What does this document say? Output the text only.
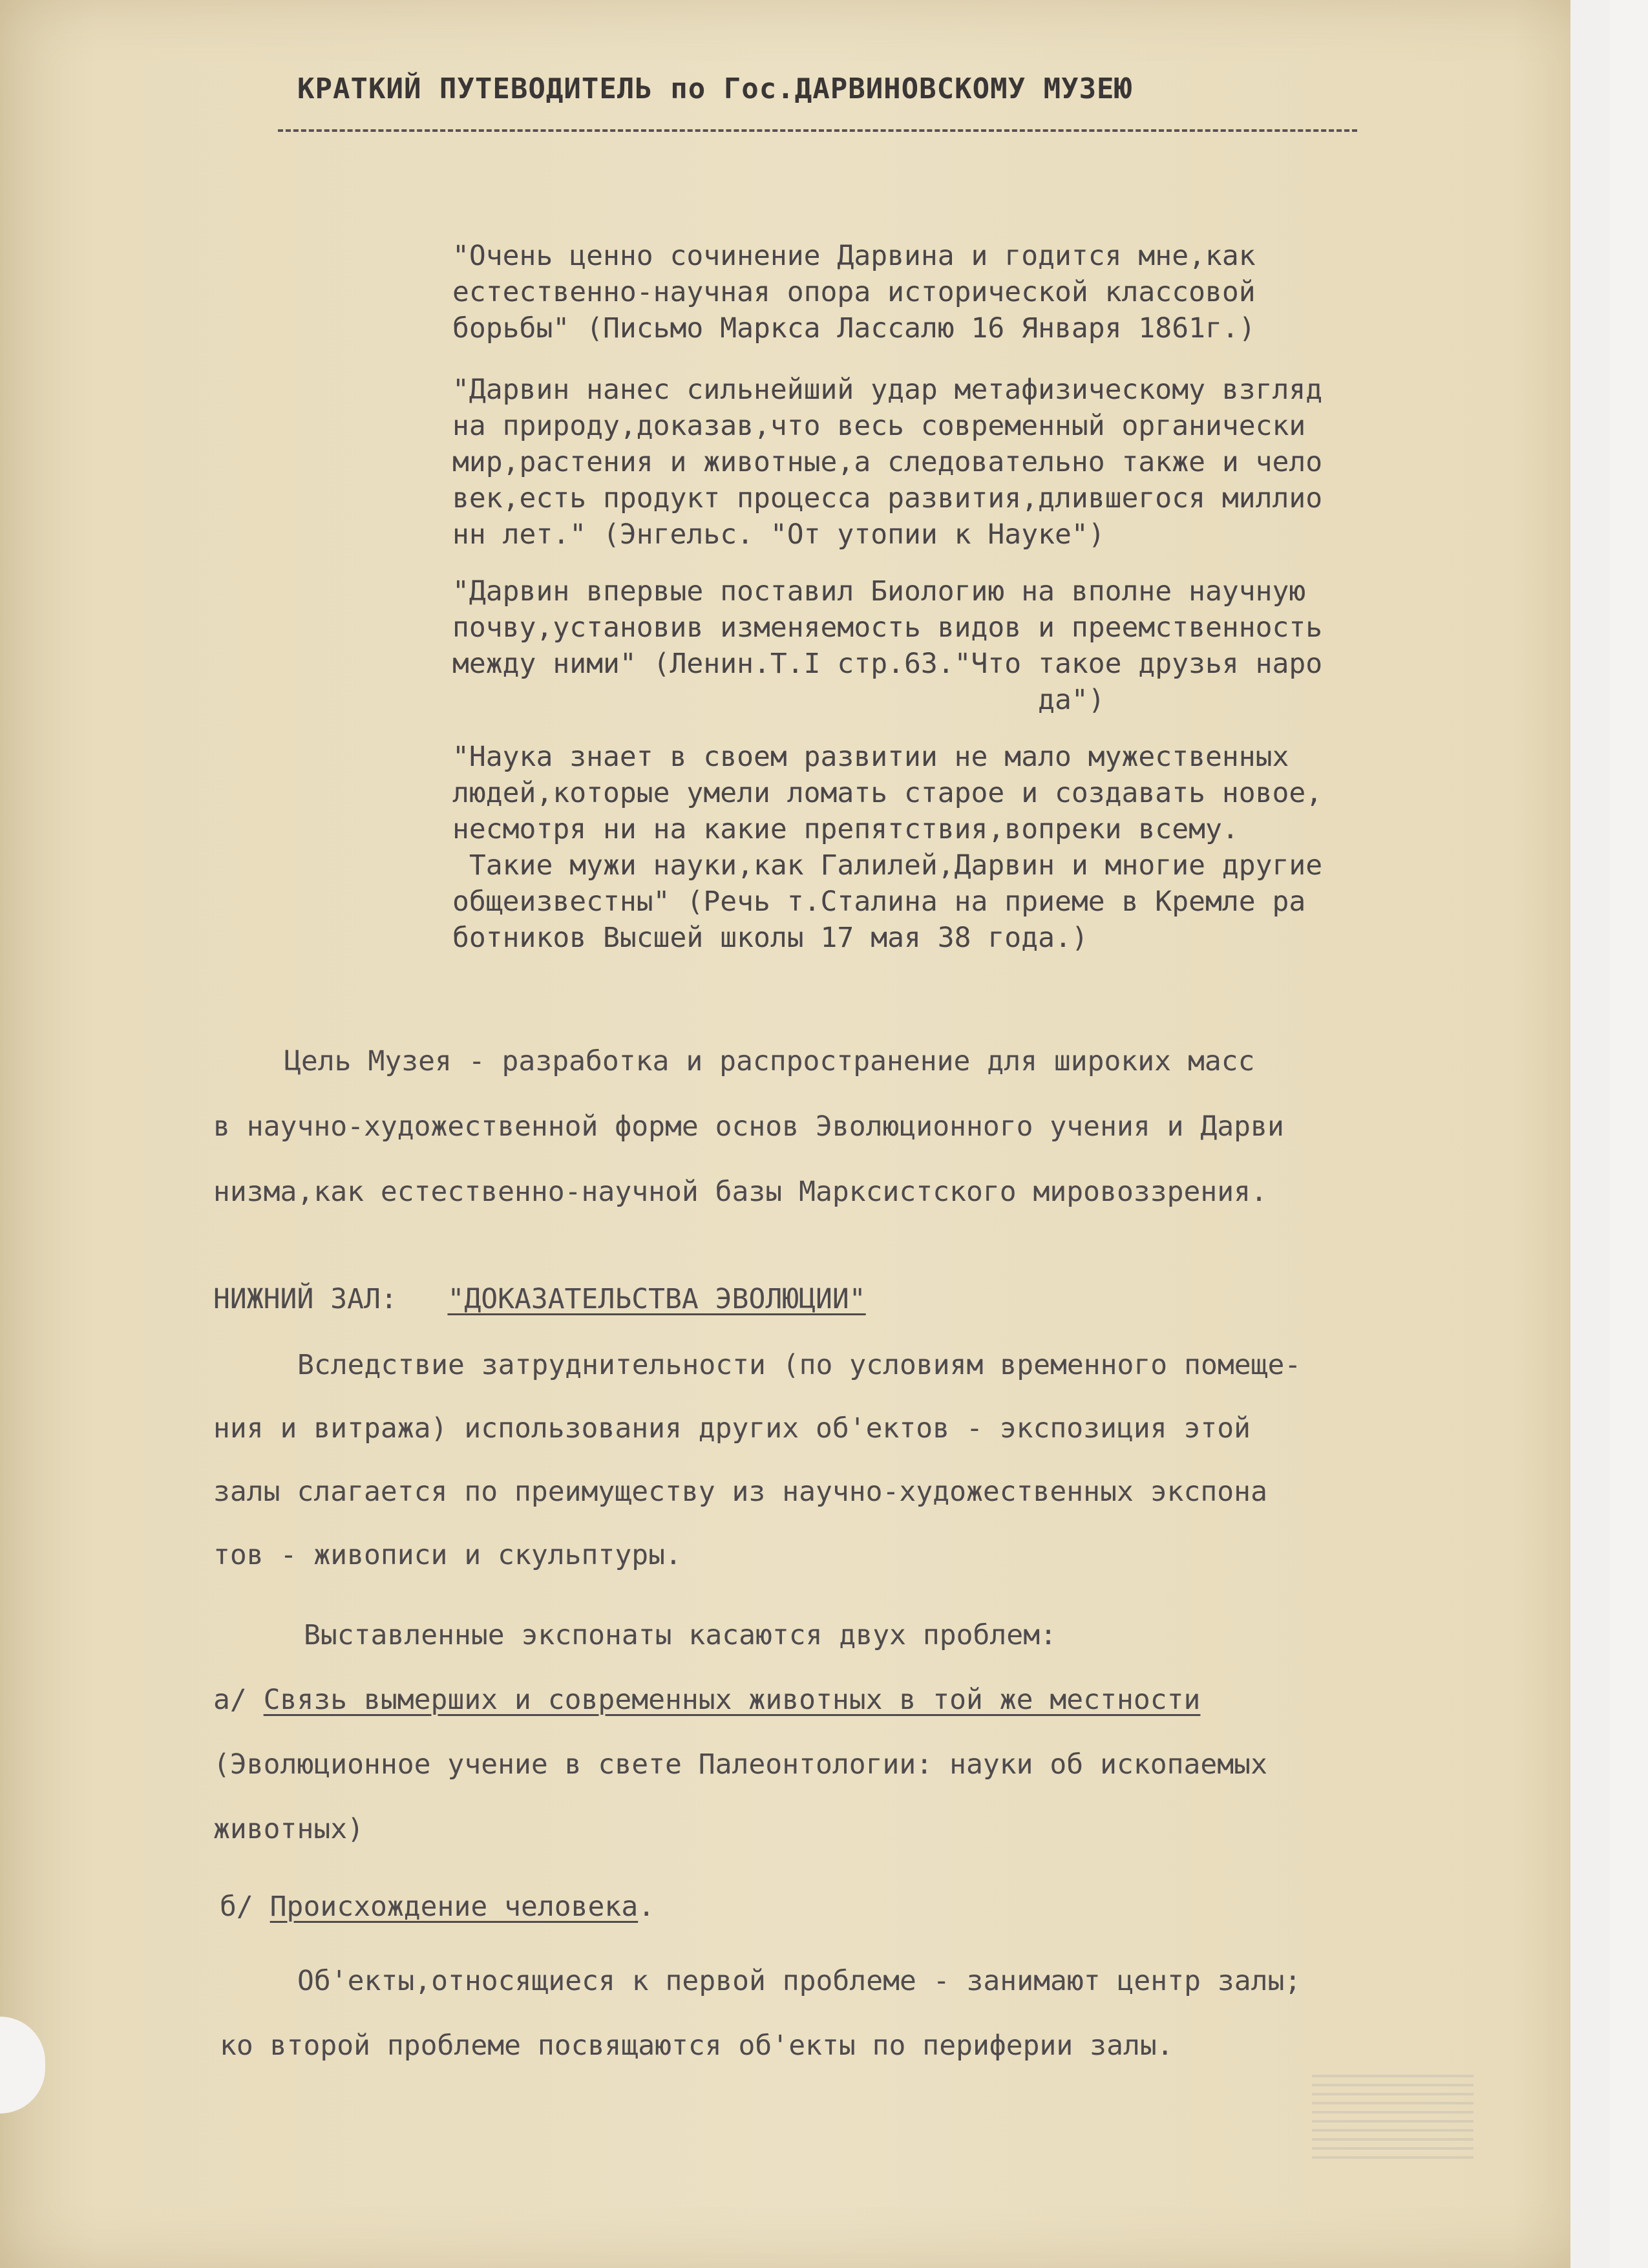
КРАТКИЙ ПУТЕВОДИТЕЛЬ по Гос.ДАРВИНОВСКОМУ МУЗЕЮ
"Очень ценно сочинение Дарвина и годится мне,как
естественно-научная опора исторической классовой
борьбы" (Письмо Маркса Лассалю 16 Января 1861г.)
"Дарвин нанес сильнейший удар метафизическому взгляд
на природу,доказав,что весь современный органически
мир,растения и животные,а следовательно также и чело
век,есть продукт процесса развития,длившегося миллио
нн лет." (Энгельс. "От утопии к Науке")
"Дарвин впервые поставил Биологию на вполне научную
почву,установив изменяемость видов и преемственность
между ними" (Ленин.Т.I стр.63."Что такое друзья наро
да")
"Наука знает в своем развитии не мало мужественных
людей,которые умели ломать старое и создавать новое,
несмотря ни на какие препятствия,вопреки всему.
Такие мужи науки,как Галилей,Дарвин и многие другие
общеизвестны" (Речь т.Сталина на приеме в Кремле ра
ботников Высшей школы 17 мая 38 года.)
Цель Музея - разработка и распространение для широких масс
в научно-художественной форме основ Эволюционного учения и Дарви
низма,как естественно-научной базы Марксистского мировоззрения.
НИЖНИЙ ЗАЛ: "ДОКАЗАТЕЛЬСТВА ЭВОЛЮЦИИ"
Вследствие затруднительности (по условиям временного помеще-
ния и витража) использования других об'ектов - экспозиция этой
залы слагается по преимуществу из научно-художественных экспона
тов - живописи и скульптуры.
Выставленные экспонаты касаются двух проблем:
а/ Связь вымерших и современных животных в той же местности
(Эволюционное учение в свете Палеонтологии: науки об ископаемых
животных)
б/ Происхождение человека.
Об'екты,относящиеся к первой проблеме - занимают центр залы;
ко второй проблеме посвящаются об'екты по периферии залы.
